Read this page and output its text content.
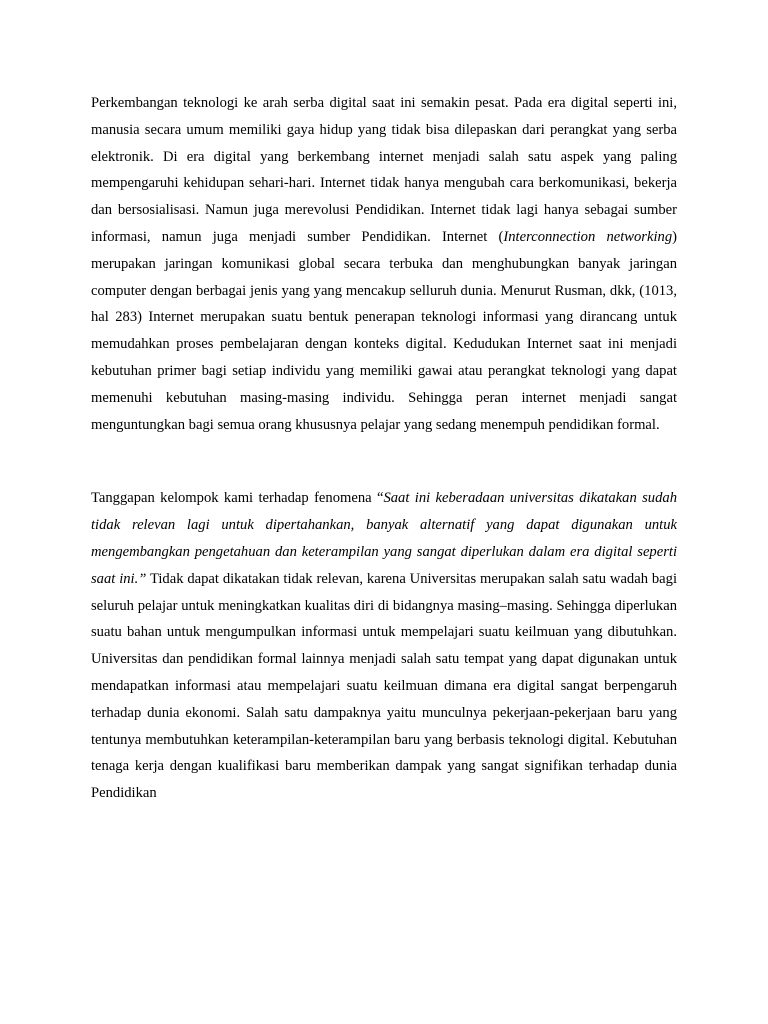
Perkembangan teknologi ke arah serba digital saat ini semakin pesat. Pada era digital seperti ini, manusia secara umum memiliki gaya hidup yang tidak bisa dilepaskan dari perangkat yang serba elektronik. Di era digital yang berkembang internet menjadi salah satu aspek yang paling mempengaruhi kehidupan sehari-hari. Internet tidak hanya mengubah cara berkomunikasi, bekerja dan bersosialisasi. Namun juga merevolusi Pendidikan. Internet tidak lagi hanya sebagai sumber informasi, namun juga menjadi sumber Pendidikan. Internet (Interconnection networking) merupakan jaringan komunikasi global secara terbuka dan menghubungkan banyak jaringan computer dengan berbagai jenis yang yang mencakup selluruh dunia. Menurut Rusman, dkk, (1013, hal 283) Internet merupakan suatu bentuk penerapan teknologi informasi yang dirancang untuk memudahkan proses pembelajaran dengan konteks digital. Kedudukan Internet saat ini menjadi kebutuhan primer bagi setiap individu yang memiliki gawai atau perangkat teknologi yang dapat memenuhi kebutuhan masing-masing individu. Sehingga peran internet menjadi sangat menguntungkan bagi semua orang khususnya pelajar yang sedang menempuh pendidikan formal.

Tanggapan kelompok kami terhadap fenomena “Saat ini keberadaan universitas dikatakan sudah tidak relevan lagi untuk dipertahankan, banyak alternatif yang dapat digunakan untuk mengembangkan pengetahuan dan keterampilan yang sangat diperlukan dalam era digital seperti saat ini.” Tidak dapat dikatakan tidak relevan, karena Universitas merupakan salah satu wadah bagi seluruh pelajar untuk meningkatkan kualitas diri di bidangnya masing–masing. Sehingga diperlukan suatu bahan untuk mengumpulkan informasi untuk mempelajari suatu keilmuan yang dibutuhkan. Universitas dan pendidikan formal lainnya menjadi salah satu tempat yang dapat digunakan untuk mendapatkan informasi atau mempelajari suatu keilmuan dimana era digital sangat berpengaruh terhadap dunia ekonomi. Salah satu dampaknya yaitu munculnya pekerjaan-pekerjaan baru yang tentunya membutuhkan keterampilan-keterampilan baru yang berbasis teknologi digital. Kebutuhan tenaga kerja dengan kualifikasi baru memberikan dampak yang sangat signifikan terhadap dunia Pendidikan
